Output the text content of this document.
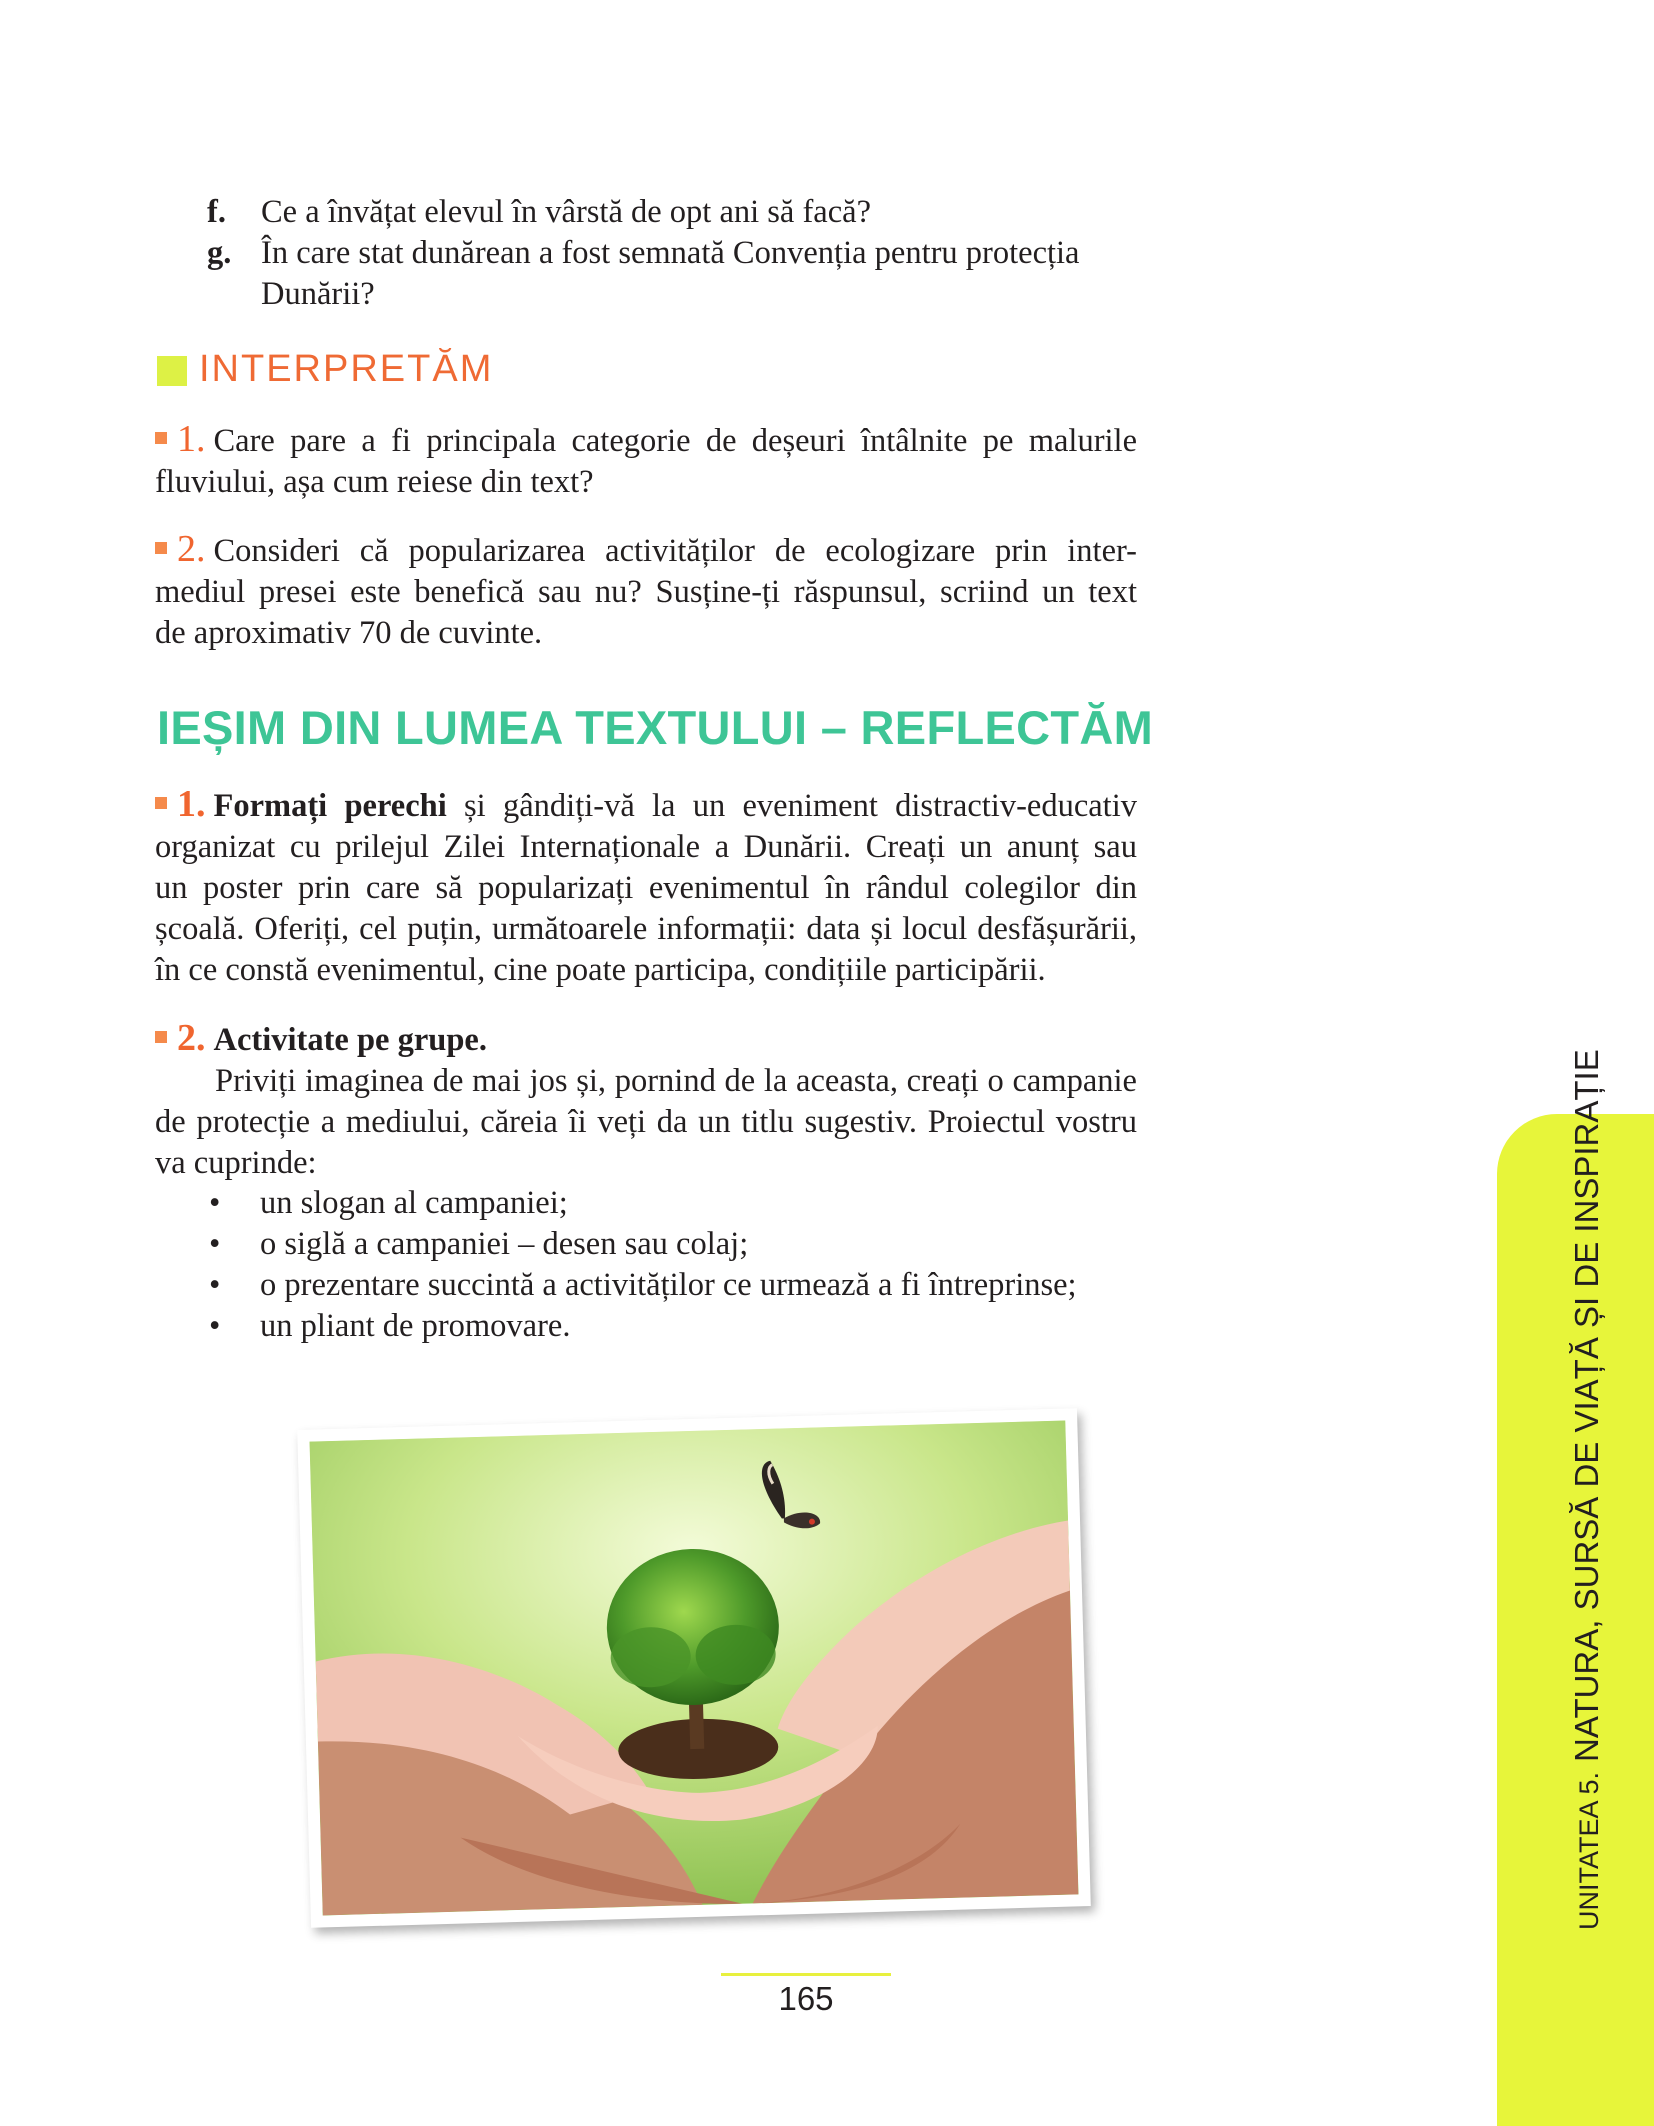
f. Ce a învățat elevul în vârstă de opt ani să facă?
g. În care stat dunărean a fost semnată Convenția pentru protecția
Dunării?
INTERPRETĂM
1. Care pare a fi principala categorie de deșeuri întâlnite pe malurile
fluviului, așa cum reiese din text?
2. Consideri că popularizarea activităților de ecologizare prin inter-
mediul presei este benefică sau nu? Susține-ți răspunsul, scriind un text
de aproximativ 70 de cuvinte.
IEȘIM DIN LUMEA TEXTULUI – REFLECTĂM
1. Formați perechi și gândiți-vă la un eveniment distractiv-educativ
organizat cu prilejul Zilei Internaționale a Dunării. Creați un anunț sau
un poster prin care să popularizați evenimentul în rândul colegilor din
școală. Oferiți, cel puțin, următoarele informații: data și locul desfășurării,
în ce constă evenimentul, cine poate participa, condițiile participării.
2. Activitate pe grupe.
Priviți imaginea de mai jos și, pornind de la aceasta, creați o campanie
de protecție a mediului, căreia îi veți da un titlu sugestiv. Proiectul vostru
va cuprinde:
• un slogan al campaniei;
• o siglă a campaniei – desen sau colaj;
• o prezentare succintă a activităților ce urmează a fi întreprinse;
• un pliant de promovare.
165
UNITATEA 5.NATURA, SURSĂ DE VIAȚĂ ȘI DE INSPIRAȚIE
